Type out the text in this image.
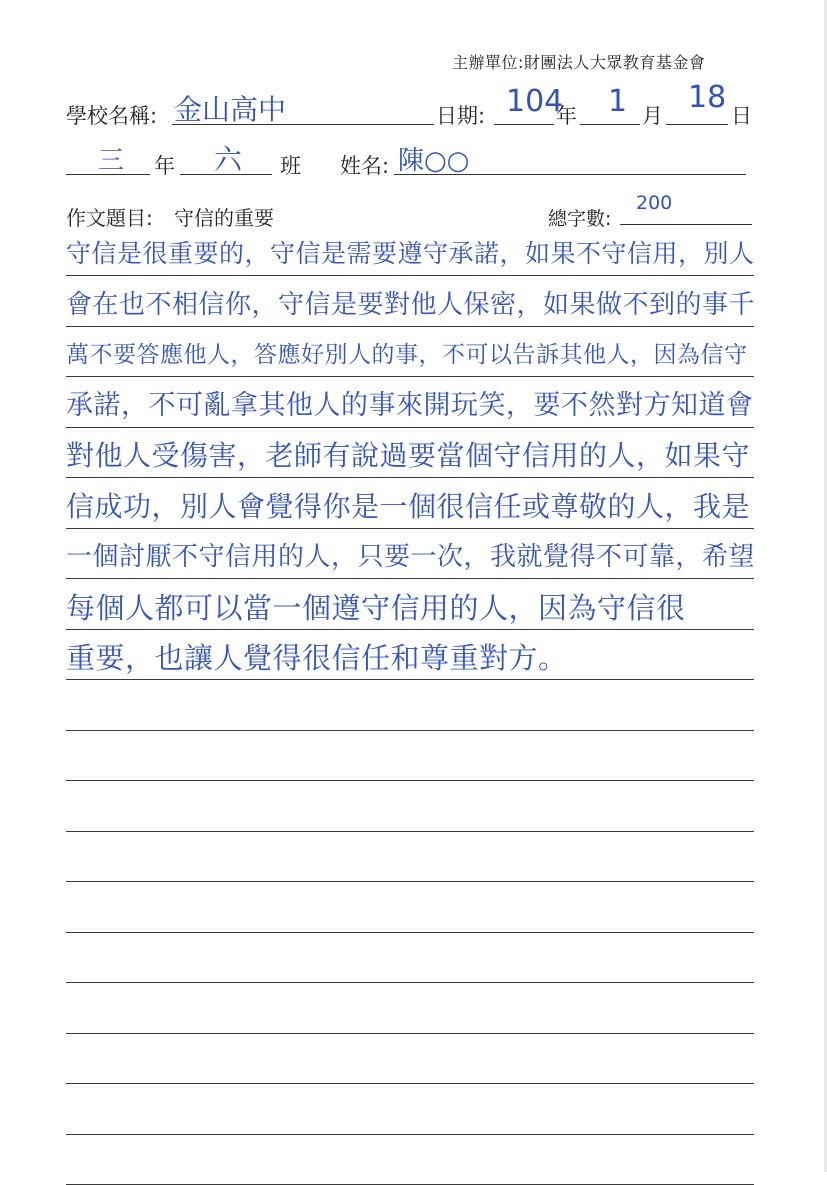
主辦單位:財團法人大眾教育基金會
學校名稱: 金山高中	日期: 104
年 1 月
18
日
三 年 六 班 姓名: 陳○○
作文題目: 守信的重要	總字數:
200
守信是很重要的，守信是需要遵守承諾，如果不守信用，別人
會在也不相信你，守信是要對他人保密，如果做不到的事千
萬不要答應他人，答應好別人的事，不可以告訴其他人，因為信守
承諾，不可亂拿其他人的事來開玩笑，要不然對方知道會
對他人受傷害，老師有說過要當個守信用的人，如果守
信成功，別人會覺得你是一個很信任或尊敬的人，我是
一個討厭不守信用的人，只要一次，我就覺得不可靠，希望
每個人都可以當一個遵守信用的人，因為守信很
重要，也讓人覺得很信任和尊重對方。
